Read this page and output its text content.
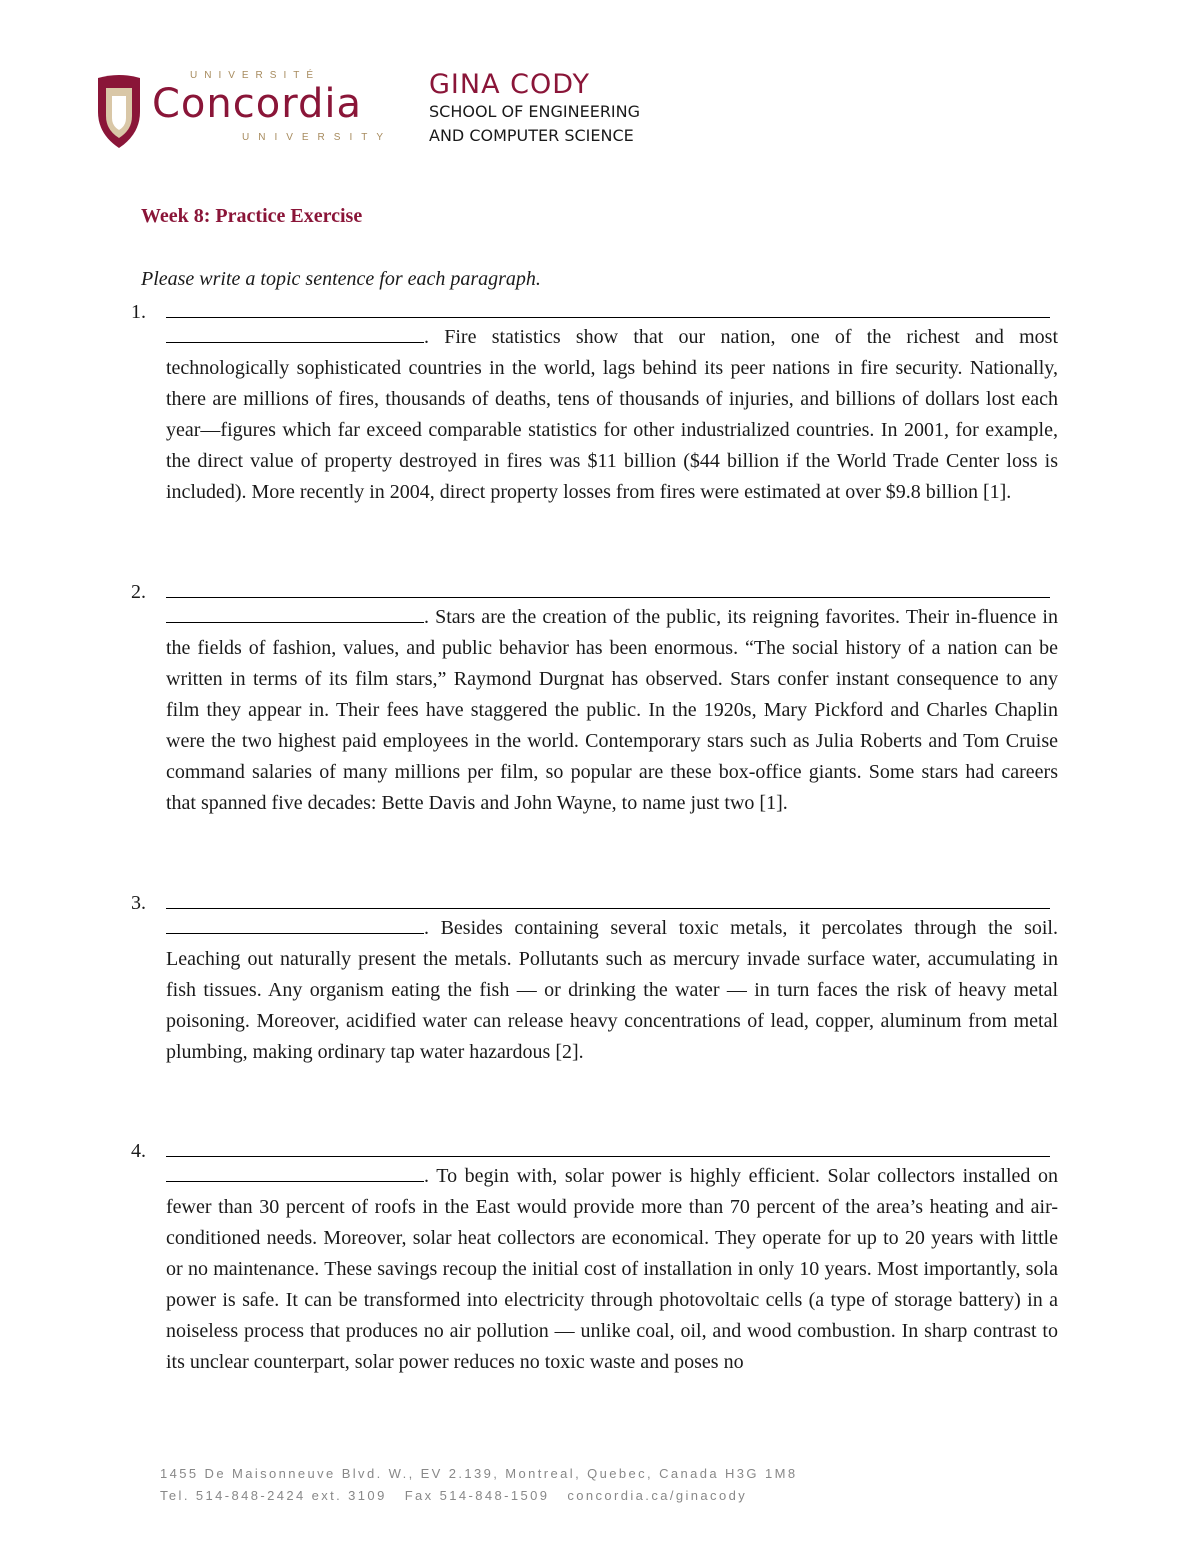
UNIVERSITÉ

Concordia

UNIVERSITY

GINA CODY

SCHOOL OF ENGINEERING

AND COMPUTER SCIENCE

Week 8: Practice Exercise

Please write a topic sentence for each paragraph.

1.

. Fire statistics show that our nation, one of the richest and most technologically sophisticated countries in the world, lags behind its peer nations in fire security. Nationally, there are millions of fires, thousands of deaths, tens of thousands of injuries, and billions of dollars lost each year—figures which far exceed comparable statistics for other industrialized countries. In 2001, for example, the direct value of property destroyed in fires was $11 billion ($44 billion if the World Trade Center loss is included). More recently in 2004, direct property losses from fires were estimated at over $9.8 billion [1].

2.

. Stars are the creation of the public, its reigning favorites. Their in-fluence in the fields of fashion, values, and public behavior has been enormous. “The social history of a nation can be written in terms of its film stars,” Raymond Durgnat has observed. Stars confer instant consequence to any film they appear in. Their fees have staggered the public. In the 1920s, Mary Pickford and Charles Chaplin were the two highest paid employees in the world. Contemporary stars such as Julia Roberts and Tom Cruise command salaries of many millions per film, so popular are these box-office giants. Some stars had careers that spanned five decades: Bette Davis and John Wayne, to name just two [1].

3.

. Besides containing several toxic metals, it percolates through the soil. Leaching out naturally present the metals. Pollutants such as mercury invade surface water, accumulating in fish tissues. Any organism eating the fish — or drinking the water — in turn faces the risk of heavy metal poisoning. Moreover, acidified water can release heavy concentrations of lead, copper, aluminum from metal plumbing, making ordinary tap water hazardous [2].

4.

. To begin with, solar power is highly efficient. Solar collectors installed on fewer than 30 percent of roofs in the East would provide more than 70 percent of the area’s heating and air-conditioned needs. Moreover, solar heat collectors are economical. They operate for up to 20 years with little or no maintenance. These savings recoup the initial cost of installation in only 10 years. Most importantly, sola power is safe. It can be transformed into electricity through photovoltaic cells (a type of storage battery) in a noiseless process that produces no air pollution — unlike coal, oil, and wood combustion. In sharp contrast to its unclear counterpart, solar power reduces no toxic waste and poses no

1455 De Maisonneuve Blvd. W., EV 2.139, Montreal, Quebec, Canada H3G 1M8

Tel. 514-848-2424 ext. 3109 Fax 514-848-1509 concordia.ca/ginacody
